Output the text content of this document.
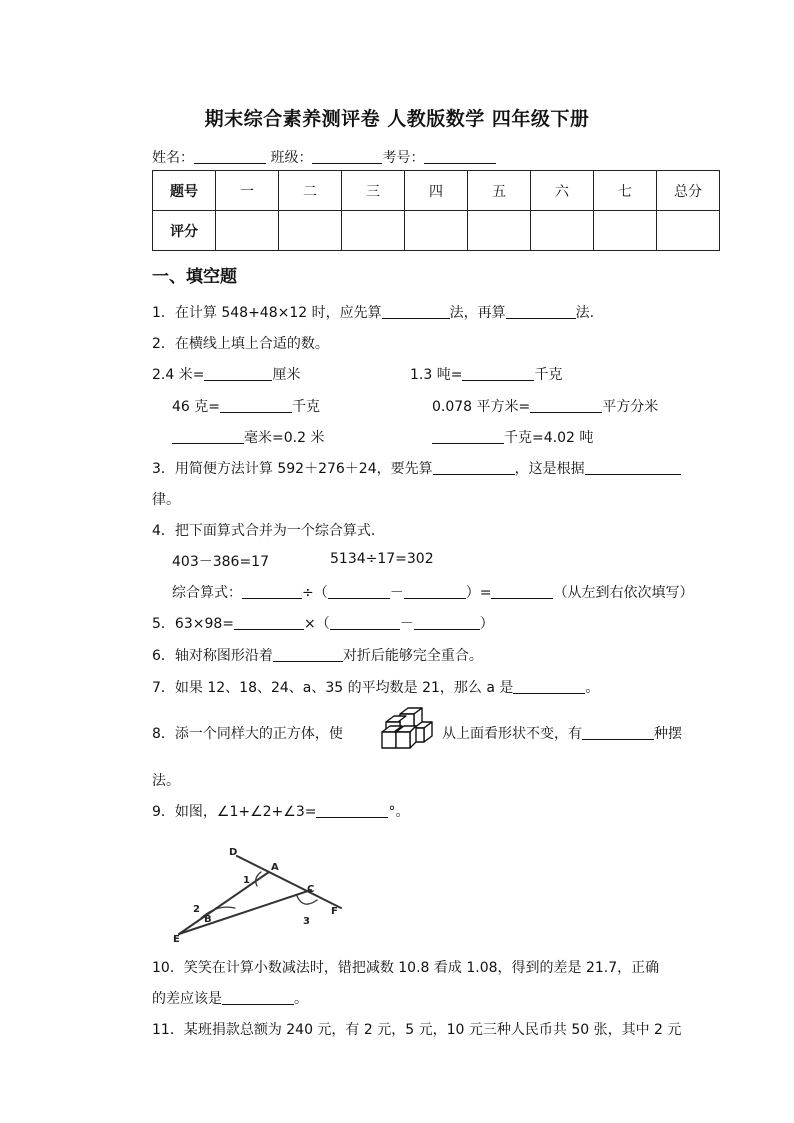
期末综合素养测评卷 人教版数学 四年级下册
姓名：	班级：	考号：
题号	一	二	三	四	五	六	七	总分
评分								
一、填空题
1．在计算 548+48×12 时，应先算	法，再算	法.
2．在横线上填上合适的数。
2.4 米=	厘米	1.3 吨=	千克
46 克=	千克	0.078 平方米=	平方分米
毫米=0.2 米	千克=4.02 吨
3．用简便方法计算 592＋276＋24，要先算	，这是根据
律。
4．把下面算式合并为一个综合算式.
403－386=17	5134÷17=302
综合算式：	÷（	－	）=	（从左到右依次填写）
5．63×98=	×（	－	）
6．轴对称图形沿着	对折后能够完全重合。
7．如果 12、18、24、a、35 的平均数是 21，那么 a 是	。
8．添一个同样大的正方体，使	从上面看形状不变，有	种摆
法。
9．如图，∠1+∠2+∠3=	°。
D
A
C
B
E
F
1
2
3
10．笑笑在计算小数减法时，错把减数 10.8 看成 1.08，得到的差是 21.7，正确
的差应该是	。
11．某班捐款总额为 240 元，有 2 元，5 元，10 元三种人民币共 50 张，其中 2 元
